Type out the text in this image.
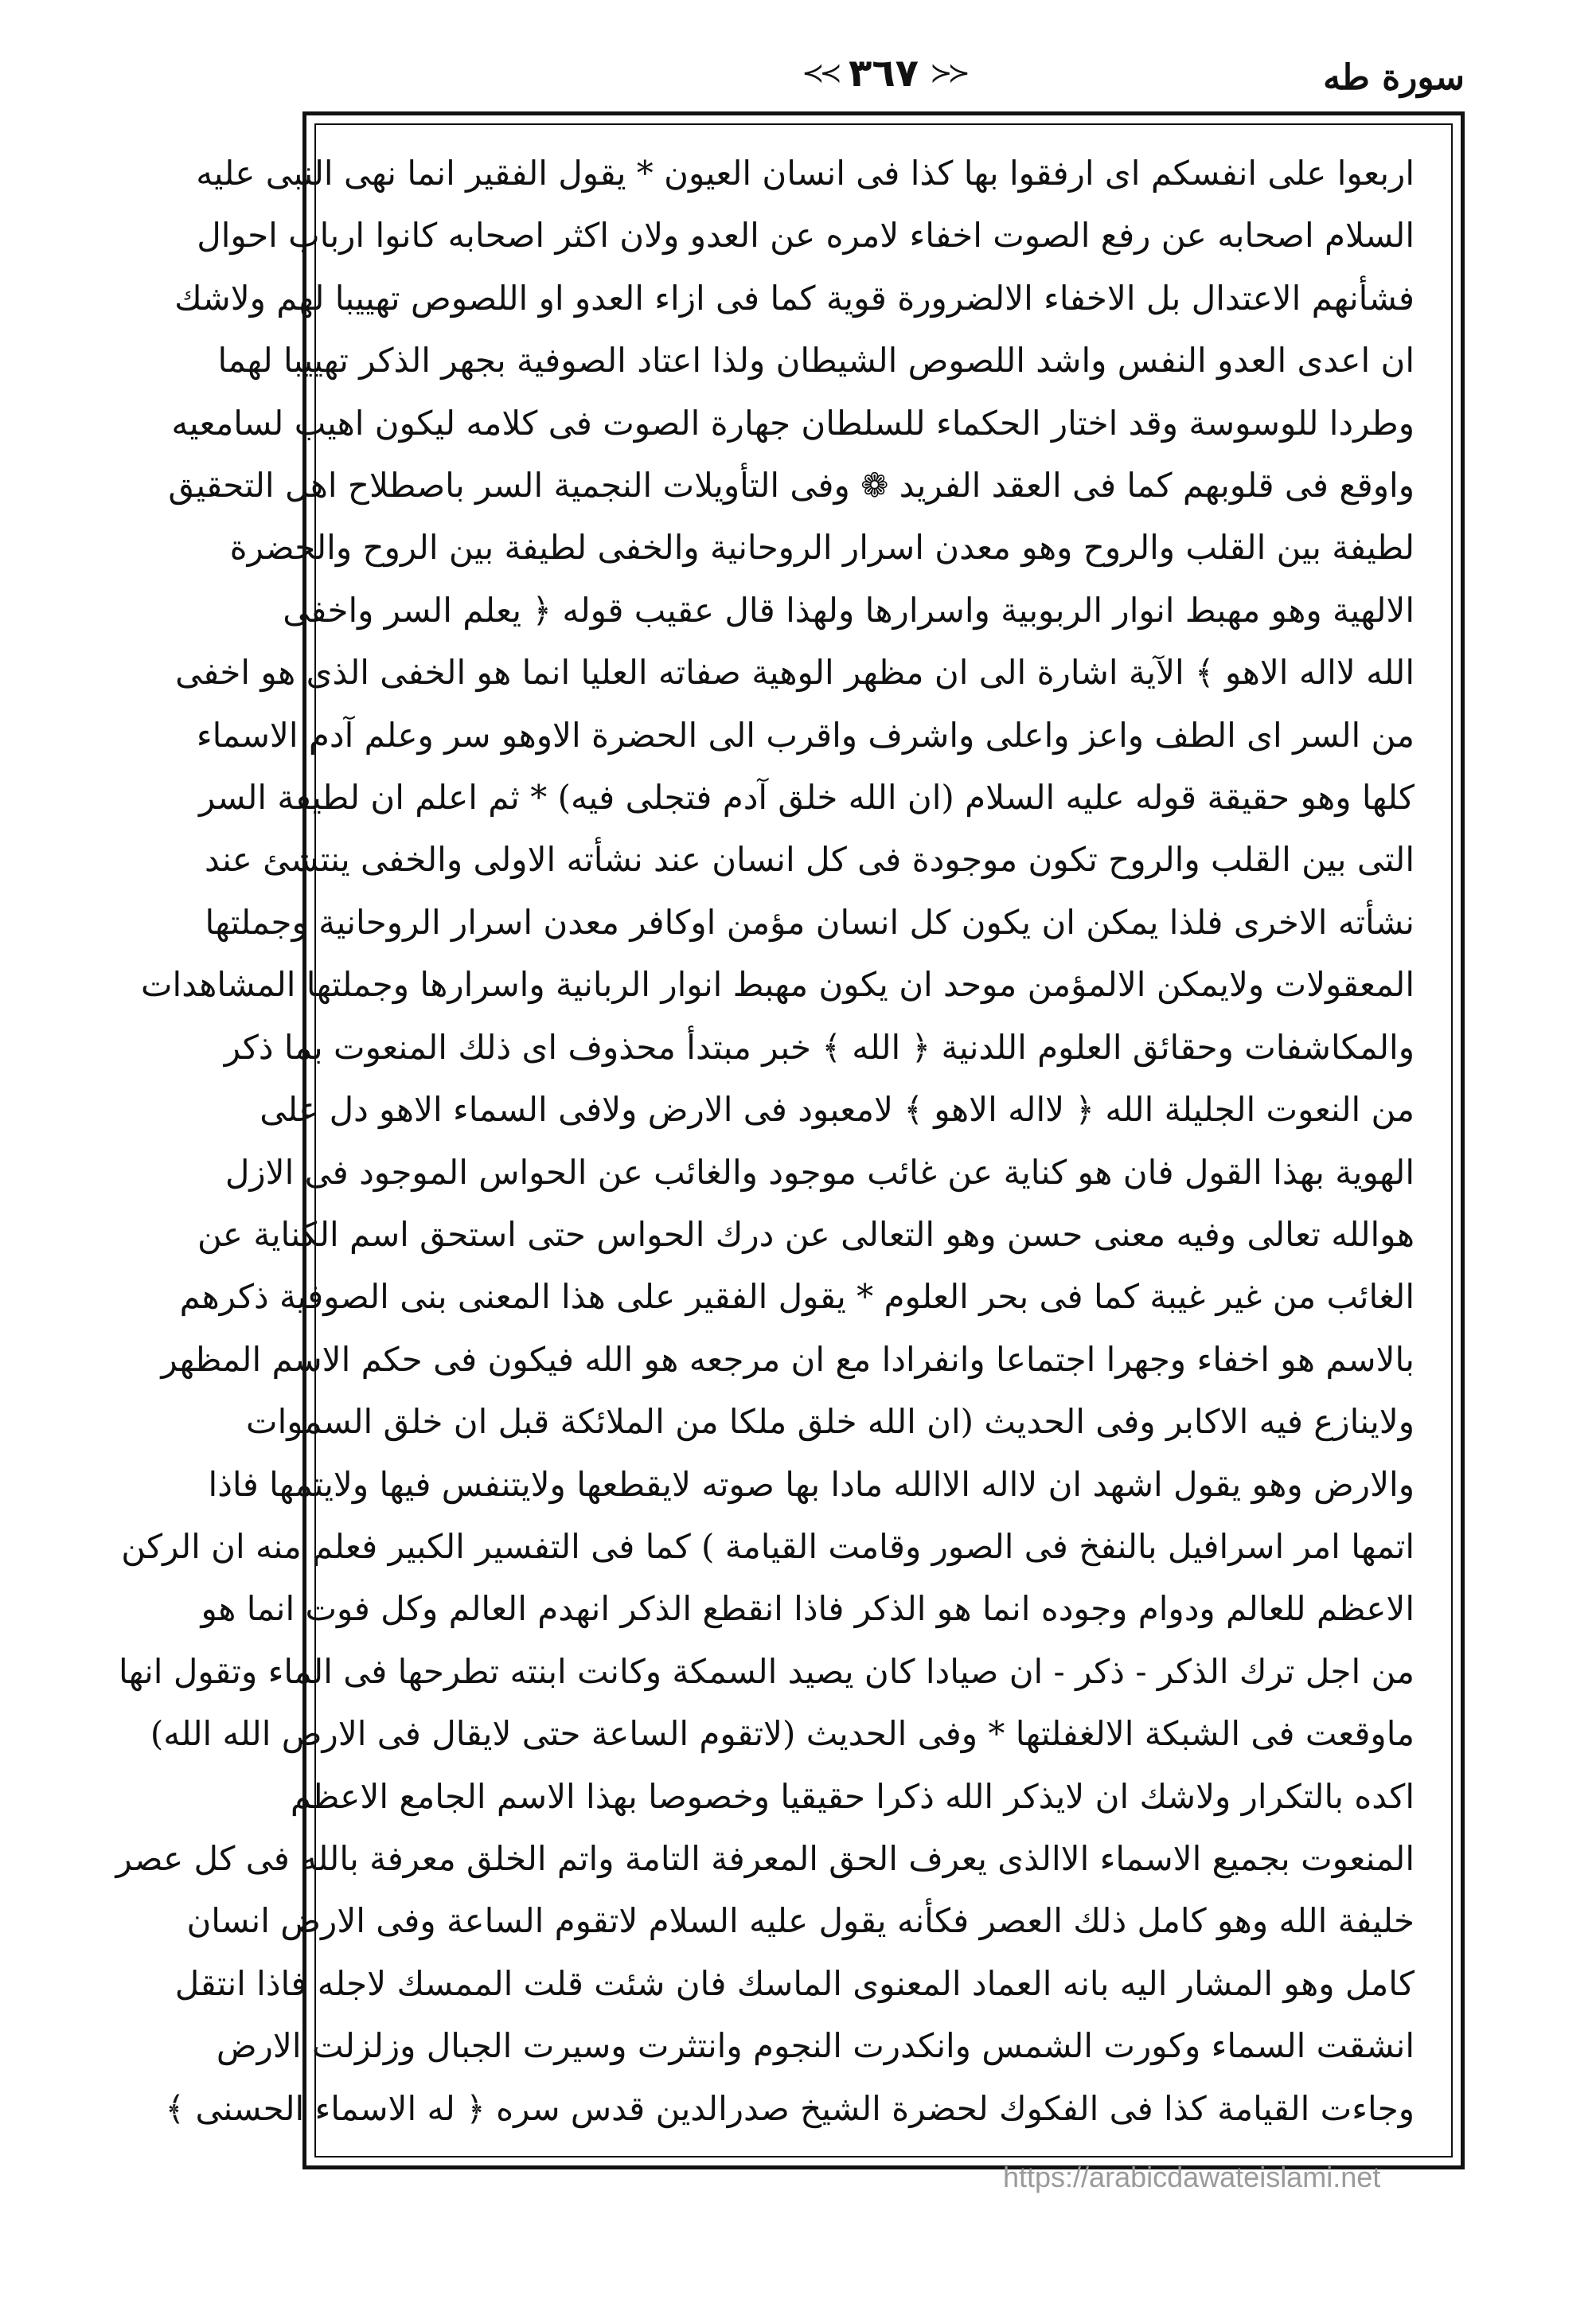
سورة طه
≺≺ ٣٦٧ ≻≻
اربعوا على انفسكم اى ارفقوا بها كذا فى انسان العيون * يقول الفقير انما نهى النبى عليه
السلام اصحابه عن رفع الصوت اخفاء لامره عن العدو ولان اكثر اصحابه كانوا ارباب احوال
فشأنهم الاعتدال بل الاخفاء الالضرورة قوية كما فى ازاء العدو او اللصوص تهييبا لهم ولاشك
ان اعدى العدو النفس واشد اللصوص الشيطان ولذا اعتاد الصوفية بجهر الذكر تهييبا لهما
وطردا للوسوسة وقد اختار الحكماء للسلطان جهارة الصوت فى كلامه ليكون اهيب لسامعيه
واوقع فى قلوبهم كما فى العقد الفريد ❁ وفى التأويلات النجمية السر باصطلاح اهل التحقيق
لطيفة بين القلب والروح وهو معدن اسرار الروحانية والخفى لطيفة بين الروح والحضرة
الالهية وهو مهبط انوار الربوبية واسرارها ولهذا قال عقيب قوله ﴿ يعلم السر واخفى
الله لااله الاهو ﴾ الآية اشارة الى ان مظهر الوهية صفاته العليا انما هو الخفى الذى هو اخفى
من السر اى الطف واعز واعلى واشرف واقرب الى الحضرة الاوهو سر وعلم آدم الاسماء
كلها وهو حقيقة قوله عليه السلام (ان الله خلق آدم فتجلى فيه) * ثم اعلم ان لطيفة السر
التى بين القلب والروح تكون موجودة فى كل انسان عند نشأته الاولى والخفى ينتشئ عند
نشأته الاخرى فلذا يمكن ان يكون كل انسان مؤمن اوكافر معدن اسرار الروحانية وجملتها
المعقولات ولايمكن الالمؤمن موحد ان يكون مهبط انوار الربانية واسرارها وجملتها المشاهدات
والمكاشفات وحقائق العلوم اللدنية ﴿ الله ﴾ خبر مبتدأ محذوف اى ذلك المنعوت بما ذكر
من النعوت الجليلة الله ﴿ لااله الاهو ﴾ لامعبود فى الارض ولافى السماء الاهو دل على
الهوية بهذا القول فان هو كناية عن غائب موجود والغائب عن الحواس الموجود فى الازل
هوالله تعالى وفيه معنى حسن وهو التعالى عن درك الحواس حتى استحق اسم الكناية عن
الغائب من غير غيبة كما فى بحر العلوم * يقول الفقير على هذا المعنى بنى الصوفية ذكرهم
بالاسم هو اخفاء وجهرا اجتماعا وانفرادا مع ان مرجعه هو الله فيكون فى حكم الاسم المظهر
ولاينازع فيه الاكابر وفى الحديث (ان الله خلق ملكا من الملائكة قبل ان خلق السموات
والارض وهو يقول اشهد ان لااله الاالله مادا بها صوته لايقطعها ولايتنفس فيها ولايتمها فاذا
اتمها امر اسرافيل بالنفخ فى الصور وقامت القيامة ) كما فى التفسير الكبير فعلم منه ان الركن
الاعظم للعالم ودوام وجوده انما هو الذكر فاذا انقطع الذكر انهدم العالم وكل فوت انما هو
من اجل ترك الذكر - ذكر - ان صيادا كان يصيد السمكة وكانت ابنته تطرحها فى الماء وتقول انها
ماوقعت فى الشبكة الالغفلتها * وفى الحديث (لاتقوم الساعة حتى لايقال فى الارض الله الله)
اكده بالتكرار ولاشك ان لايذكر الله ذكرا حقيقيا وخصوصا بهذا الاسم الجامع الاعظم
المنعوت بجميع الاسماء الاالذى يعرف الحق المعرفة التامة واتم الخلق معرفة بالله فى كل عصر
خليفة الله وهو كامل ذلك العصر فكأنه يقول عليه السلام لاتقوم الساعة وفى الارض انسان
كامل وهو المشار اليه بانه العماد المعنوى الماسك فان شئت قلت الممسك لاجله فاذا انتقل
انشقت السماء وكورت الشمس وانكدرت النجوم وانتثرت وسيرت الجبال وزلزلت الارض
وجاءت القيامة كذا فى الفكوك لحضرة الشيخ صدرالدين قدس سره ﴿ له الاسماء الحسنى ﴾
https://arabicdawateislami.net
